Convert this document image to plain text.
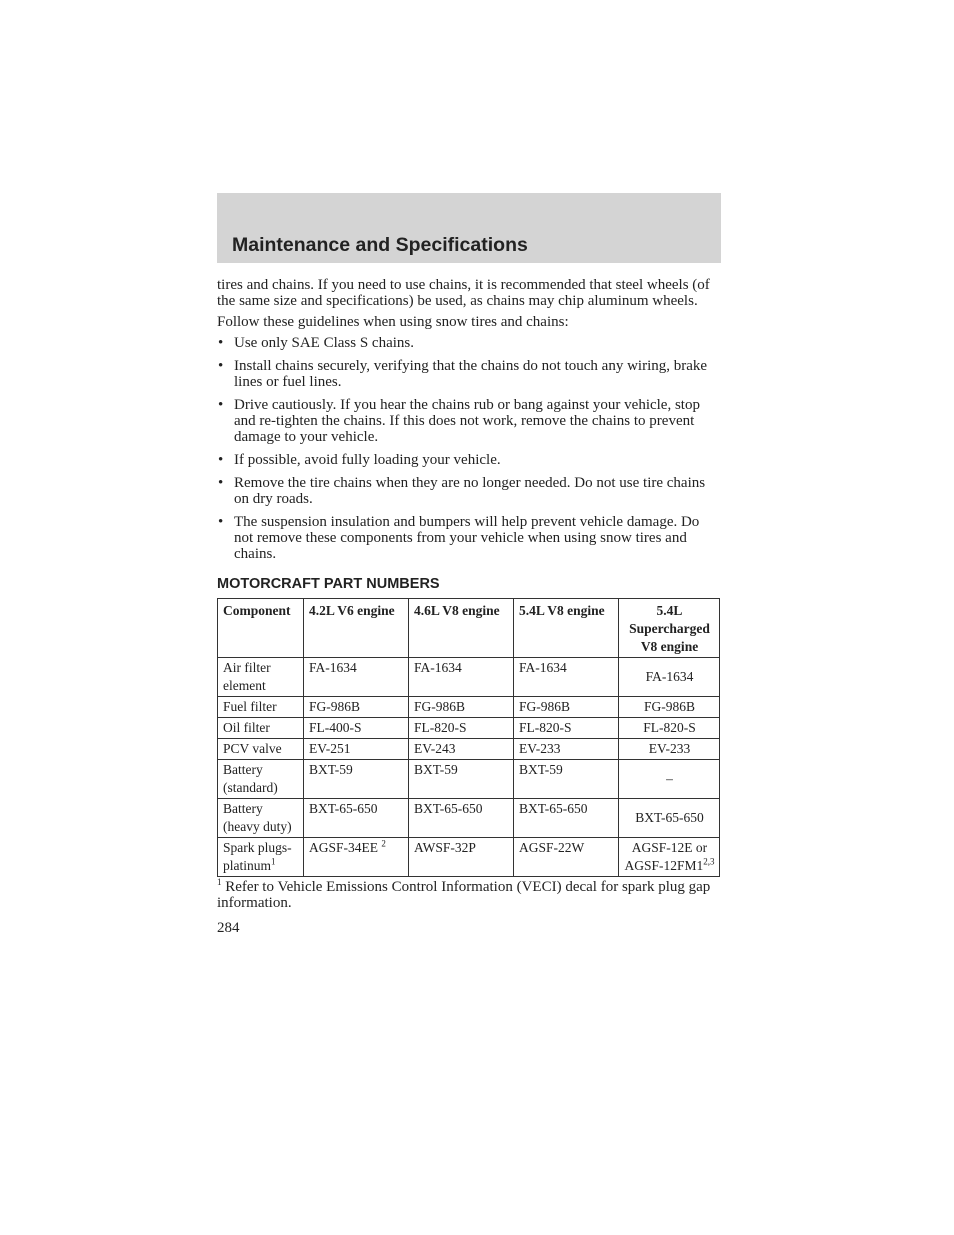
Maintenance and Specifications

tires and chains. If you need to use chains, it is recommended that steel wheels (of the same size and specifications) be used, as chains may chip aluminum wheels.

Follow these guidelines when using snow tires and chains:

• Use only SAE Class S chains.
• Install chains securely, verifying that the chains do not touch any wiring, brake lines or fuel lines.
• Drive cautiously. If you hear the chains rub or bang against your vehicle, stop and re-tighten the chains. If this does not work, remove the chains to prevent damage to your vehicle.
• If possible, avoid fully loading your vehicle.
• Remove the tire chains when they are no longer needed. Do not use tire chains on dry roads.
• The suspension insulation and bumpers will help prevent vehicle damage. Do not remove these components from your vehicle when using snow tires and chains.
MOTORCRAFT PART NUMBERS
Component	4.2L V6 engine	4.6L V8 engine	5.4L V8 engine	5.4L Supercharged V8 engine
Air filter element	FA-1634	FA-1634	FA-1634	FA-1634
Fuel filter	FG-986B	FG-986B	FG-986B	FG-986B
Oil filter	FL-400-S	FL-820-S	FL-820-S	FL-820-S
PCV valve	EV-251	EV-243	EV-233	EV-233
Battery (standard)	BXT-59	BXT-59	BXT-59	–
Battery (heavy duty)	BXT-65-650	BXT-65-650	BXT-65-650	BXT-65-650
Spark plugs-platinum$^1$	AGSF-34EE $^2$	AWSF-32P	AGSF-22W	AGSF-12E or AGSF-12FM1$^{2,3}$

$^1$ Refer to Vehicle Emissions Control Information (VECI) decal for spark plug gap information.

284
